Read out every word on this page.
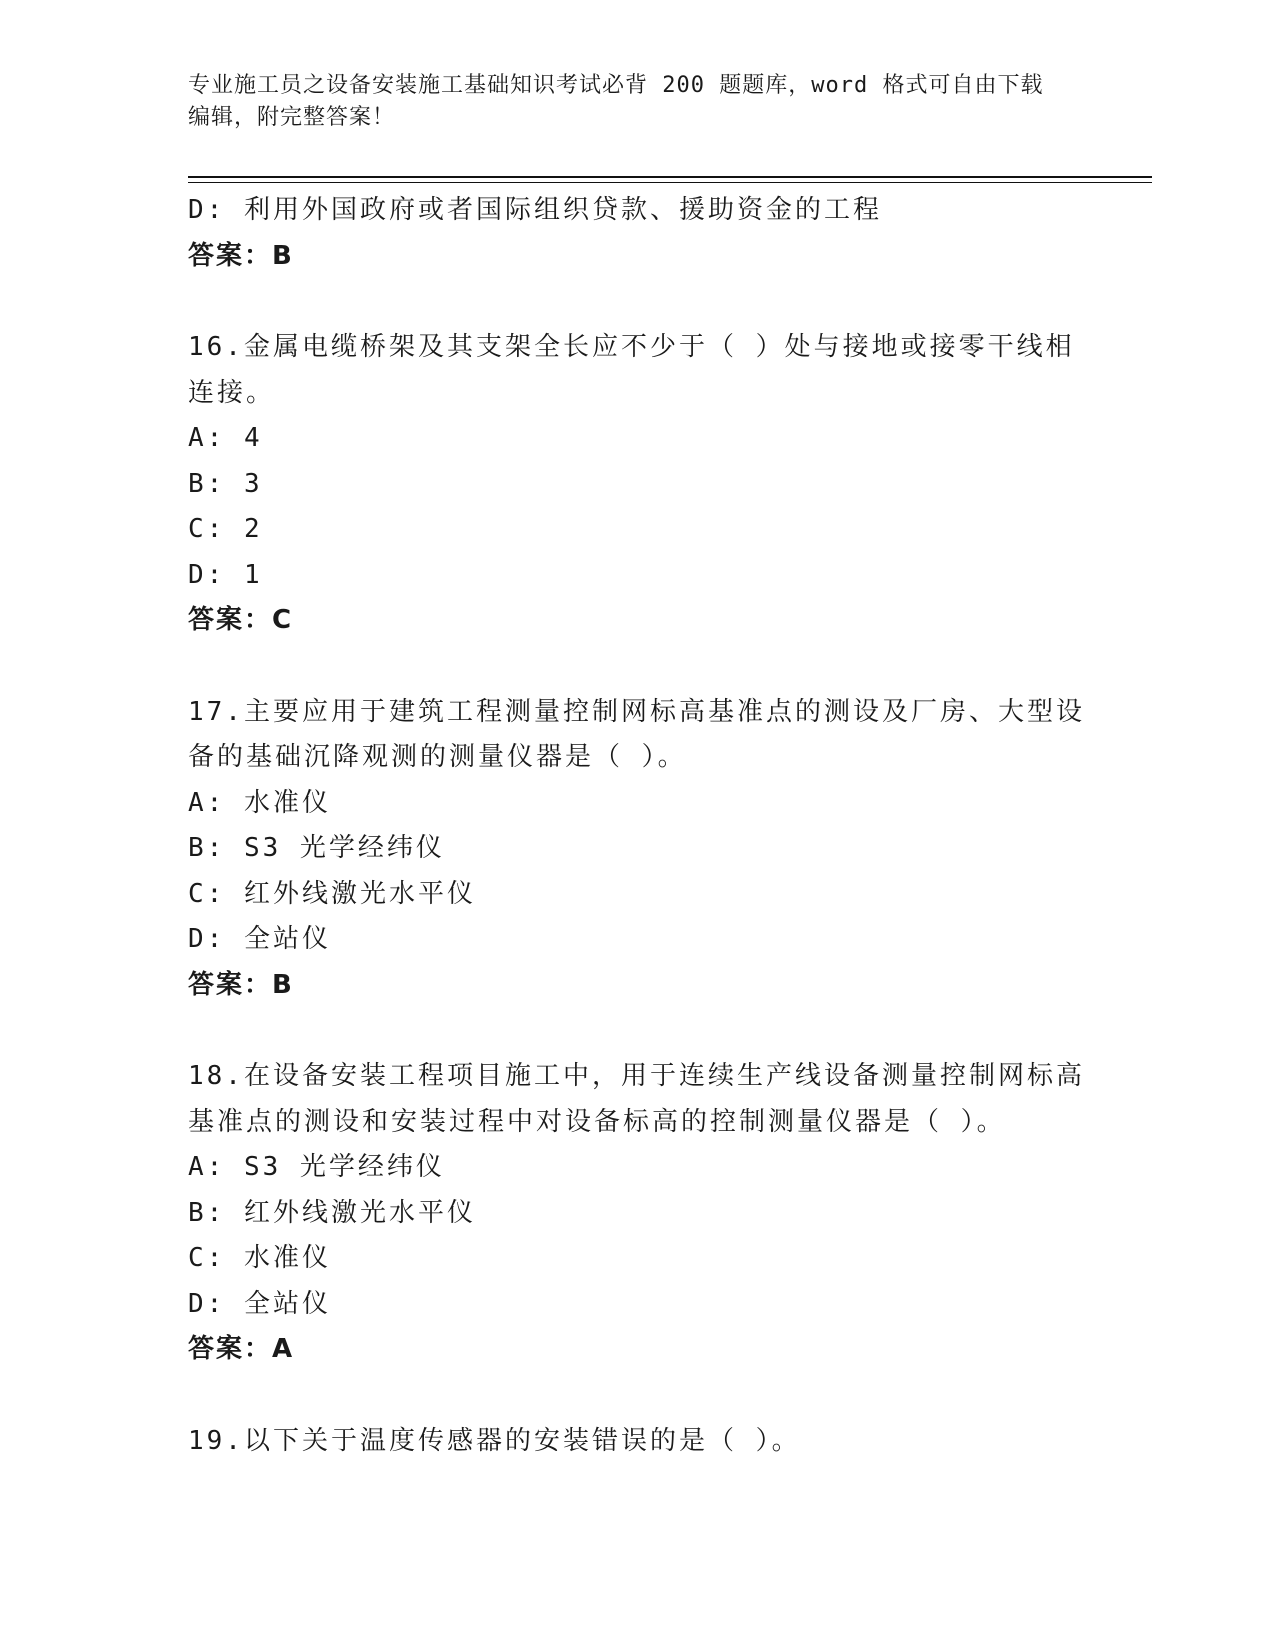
专业施工员之设备安装施工基础知识考试必背 200 题题库，word 格式可自由下载
编辑，附完整答案！
D: 利用外国政府或者国际组织贷款、援助资金的工程
答案：B
16.金属电缆桥架及其支架全长应不少于（ ）处与接地或接零干线相
连接。
A: 4
B: 3
C: 2
D: 1
答案：C
17.主要应用于建筑工程测量控制网标高基准点的测设及厂房、大型设
备的基础沉降观测的测量仪器是（ ）。
A: 水准仪
B: S3 光学经纬仪
C: 红外线激光水平仪
D: 全站仪
答案：B
18.在设备安装工程项目施工中，用于连续生产线设备测量控制网标高
基准点的测设和安装过程中对设备标高的控制测量仪器是（ ）。
A: S3 光学经纬仪
B: 红外线激光水平仪
C: 水准仪
D: 全站仪
答案：A
19.以下关于温度传感器的安装错误的是（ ）。
